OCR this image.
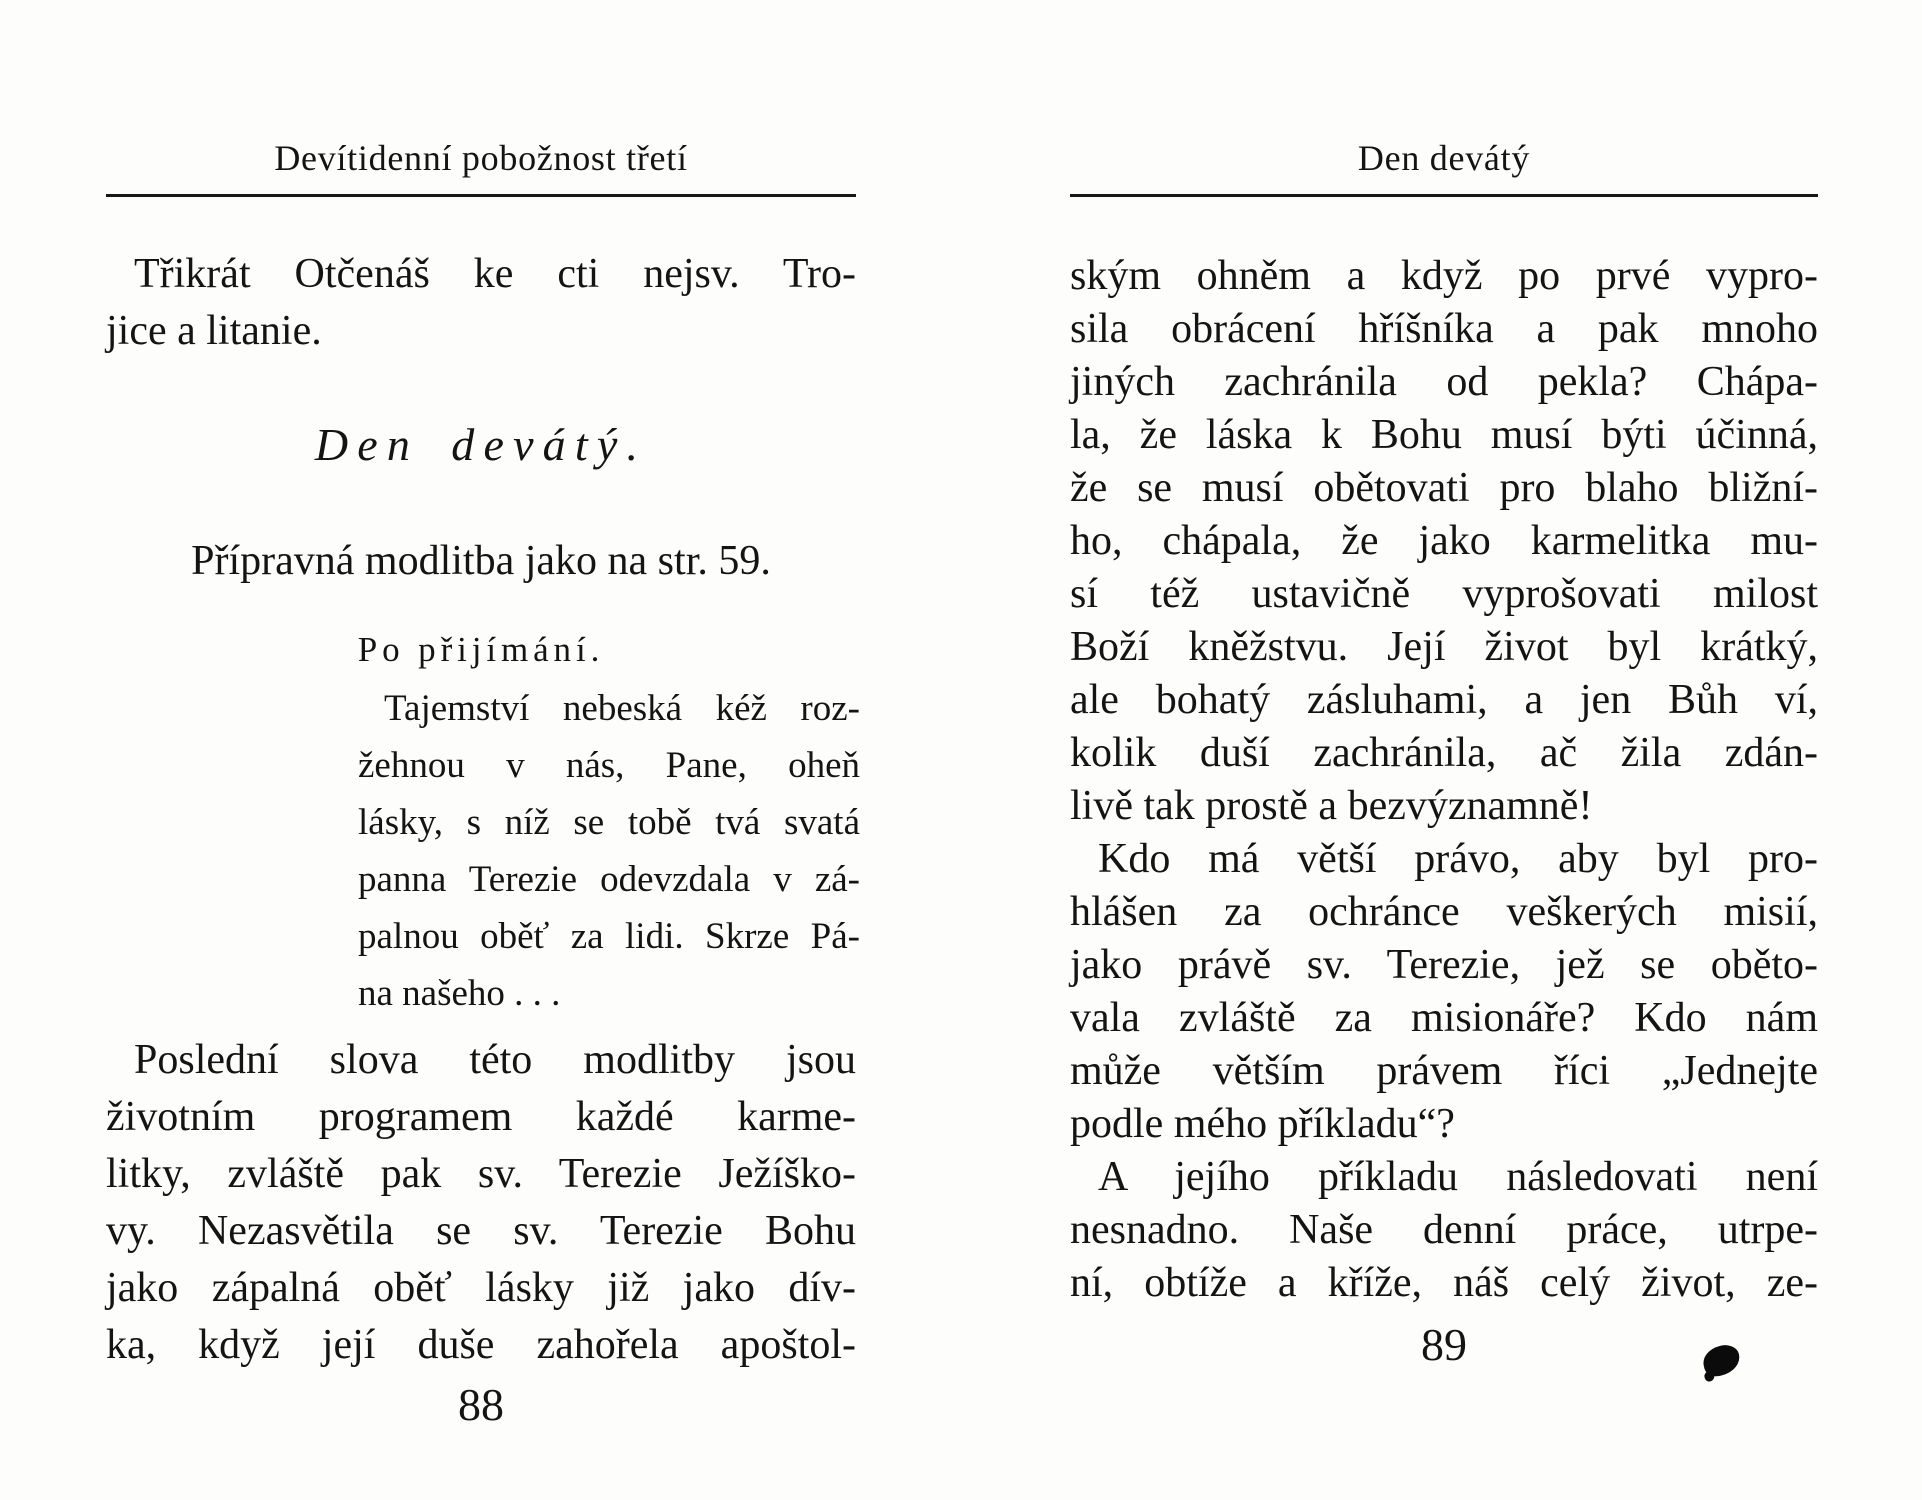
Devítidenní pobožnost třetí
Třikrát Otčenáš ke cti nejsv. Tro-
jice a litanie.
Den devátý.
Přípravná modlitba jako na str. 59.
Po přijímání.
Tajemství nebeská kéž roz-
žehnou v nás, Pane, oheň
lásky, s níž se tobě tvá svatá
panna Terezie odevzdala v zá-
palnou oběť za lidi. Skrze Pá-
na našeho . . .
Poslední slova této modlitby jsou
životním programem každé karme-
litky, zvláště pak sv. Terezie Ježíško-
vy. Nezasvětila se sv. Terezie Bohu
jako zápalná oběť lásky již jako dív-
ka, když její duše zahořela apoštol-
88
Den devátý
ským ohněm a když po prvé vypro-
sila obrácení hříšníka a pak mnoho
jiných zachránila od pekla? Chápa-
la, že láska k Bohu musí býti účinná,
že se musí obětovati pro blaho bližní-
ho, chápala, že jako karmelitka mu-
sí též ustavičně vyprošovati milost
Boží kněžstvu. Její život byl krátký,
ale bohatý zásluhami, a jen Bůh ví,
kolik duší zachránila, ač žila zdán-
livě tak prostě a bezvýznamně!
Kdo má větší právo, aby byl pro-
hlášen za ochránce veškerých misií,
jako právě sv. Terezie, jež se oběto-
vala zvláště za misionáře? Kdo nám
může větším právem říci „Jednejte
podle mého příkladu“?
A jejího příkladu následovati není
nesnadno. Naše denní práce, utrpe-
ní, obtíže a kříže, náš celý život, ze-
89
